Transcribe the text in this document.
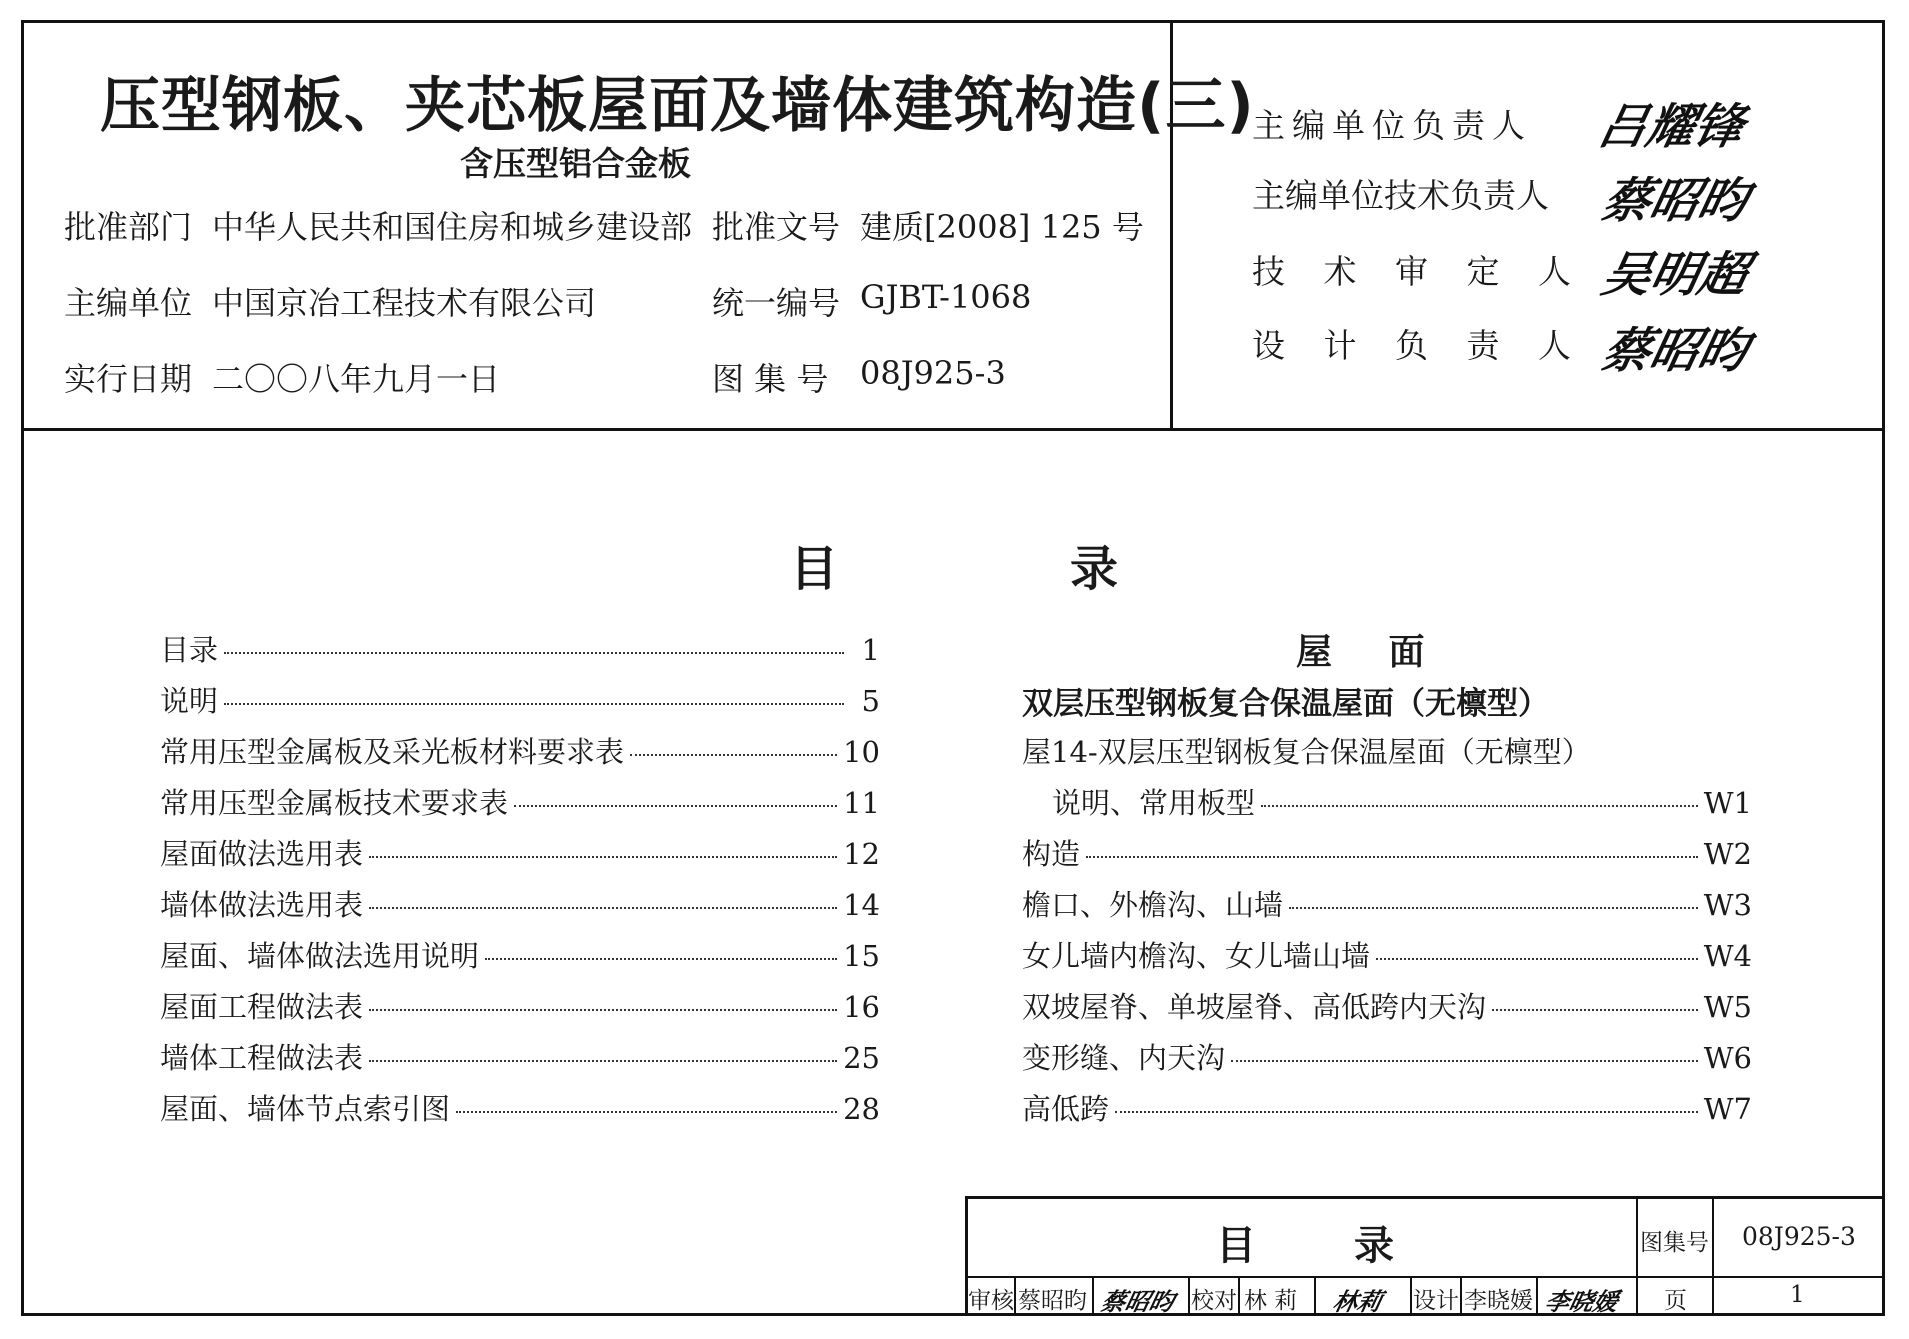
压型钢板、夹芯板屋面及墙体建筑构造(三)
含压型铝合金板
批准部门 中华人民共和国住房和城乡建设部 批准文号 建质[2008] 125 号
主编单位 中国京冶工程技术有限公司	统一编号 GJBT-1068
实行日期 二〇〇八年九月一日	图 集 号 08J925-3
主编单位负责人 吕耀锋
主编单位技术负责人 蔡昭昀
技 术 审 定 人 吴明超
设 计 负 责 人 蔡昭昀
目	录
目录	1
说明	5
常用压型金属板及采光板材料要求表	10
常用压型金属板技术要求表	11
屋面做法选用表	12
墙体做法选用表	14
屋面、墙体做法选用说明	15
屋面工程做法表	16
墙体工程做法表	25
屋面、墙体节点索引图	28
屋 面
双层压型钢板复合保温屋面（无檩型）
屋14-双层压型钢板复合保温屋面（无檩型）
说明、常用板型	W1
构造	W2
檐口、外檐沟、山墙	W3
女儿墙内檐沟、女儿墙山墙	W4
双坡屋脊、单坡屋脊、高低跨内天沟	W5
变形缝、内天沟	W6
高低跨	W7
目 录	图集号 08J925-3
审核 蔡昭昀 蔡昭昀 校对 林 莉 林莉 设计 李晓媛 李晓媛 页	1
